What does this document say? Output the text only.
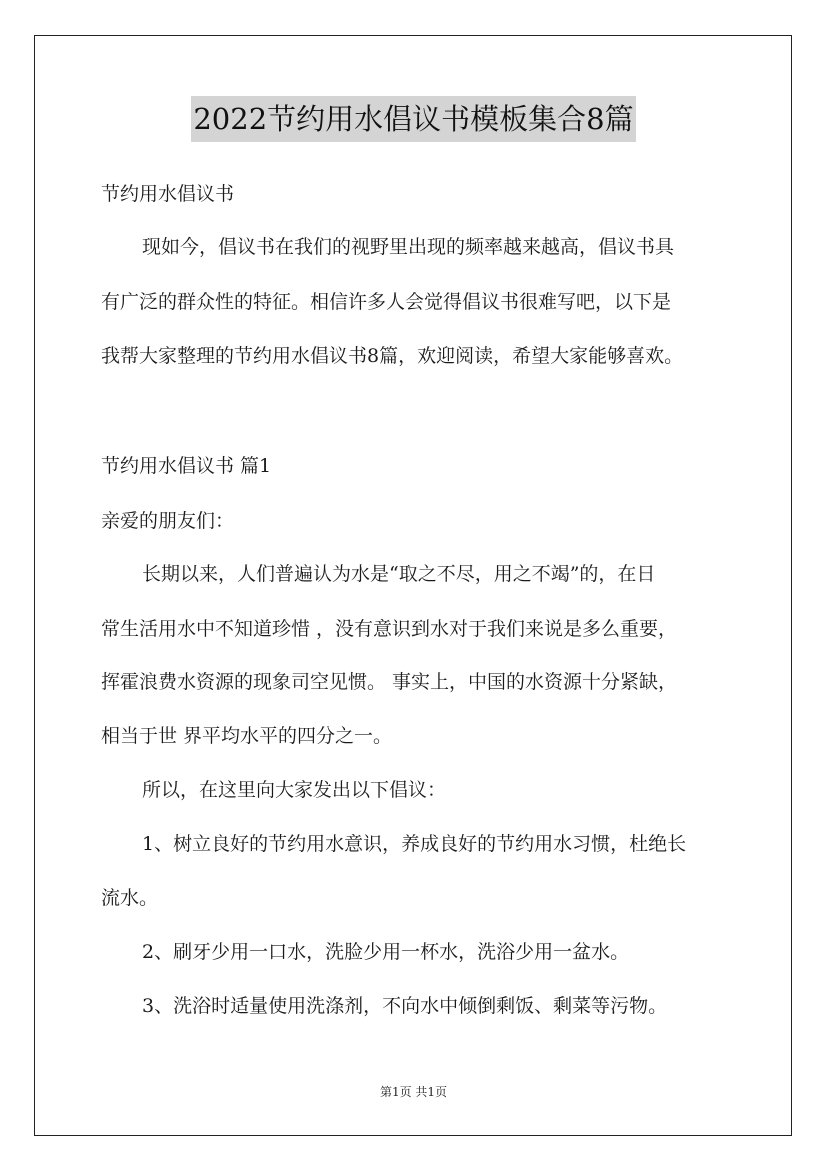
2022节约用水倡议书模板集合8篇
节约用水倡议书
现如今，倡议书在我们的视野里出现的频率越来越高，倡议书具
有广泛的群众性的特征。相信许多人会觉得倡议书很难写吧，以下是
我帮大家整理的节约用水倡议书8篇，欢迎阅读，希望大家能够喜欢。
节约用水倡议书 篇1
亲爱的朋友们：
长期以来，人们普遍认为水是“取之不尽，用之不竭”的，在日
常生活用水中不知道珍惜 ，没有意识到水对于我们来说是多么重要，
挥霍浪费水资源的现象司空见惯。 事实上，中国的水资源十分紧缺，
相当于世 界平均水平的四分之一。
所以，在这里向大家发出以下倡议：
1、树立良好的节约用水意识，养成良好的节约用水习惯，杜绝长
流水。
2、刷牙少用一口水，洗脸少用一杯水，洗浴少用一盆水。
3、洗浴时适量使用洗涤剂，不向水中倾倒剩饭、剩菜等污物。
第1页 共1页
